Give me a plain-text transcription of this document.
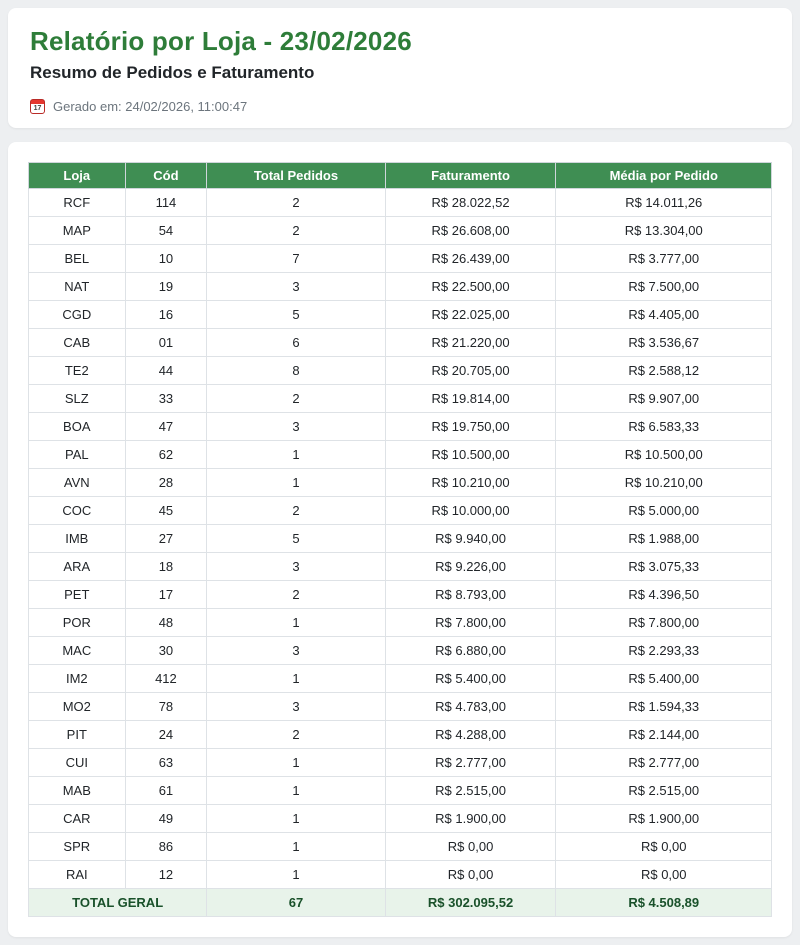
Relatório por Loja - 23/02/2026
Resumo de Pedidos e Faturamento
17
Gerado em: 24/02/2026, 11:00:47
Loja	Cód	Total Pedidos	Faturamento	Média por Pedido
RCF	114	2	R$ 28.022,52	R$ 14.011,26
MAP	54	2	R$ 26.608,00	R$ 13.304,00
BEL	10	7	R$ 26.439,00	R$ 3.777,00
NAT	19	3	R$ 22.500,00	R$ 7.500,00
CGD	16	5	R$ 22.025,00	R$ 4.405,00
CAB	01	6	R$ 21.220,00	R$ 3.536,67
TE2	44	8	R$ 20.705,00	R$ 2.588,12
SLZ	33	2	R$ 19.814,00	R$ 9.907,00
BOA	47	3	R$ 19.750,00	R$ 6.583,33
PAL	62	1	R$ 10.500,00	R$ 10.500,00
AVN	28	1	R$ 10.210,00	R$ 10.210,00
COC	45	2	R$ 10.000,00	R$ 5.000,00
IMB	27	5	R$ 9.940,00	R$ 1.988,00
ARA	18	3	R$ 9.226,00	R$ 3.075,33
PET	17	2	R$ 8.793,00	R$ 4.396,50
POR	48	1	R$ 7.800,00	R$ 7.800,00
MAC	30	3	R$ 6.880,00	R$ 2.293,33
IM2	412	1	R$ 5.400,00	R$ 5.400,00
MO2	78	3	R$ 4.783,00	R$ 1.594,33
PIT	24	2	R$ 4.288,00	R$ 2.144,00
CUI	63	1	R$ 2.777,00	R$ 2.777,00
MAB	61	1	R$ 2.515,00	R$ 2.515,00
CAR	49	1	R$ 1.900,00	R$ 1.900,00
SPR	86	1	R$ 0,00	R$ 0,00
RAI	12	1	R$ 0,00	R$ 0,00
TOTAL GERAL		67	R$ 302.095,52	R$ 4.508,89
